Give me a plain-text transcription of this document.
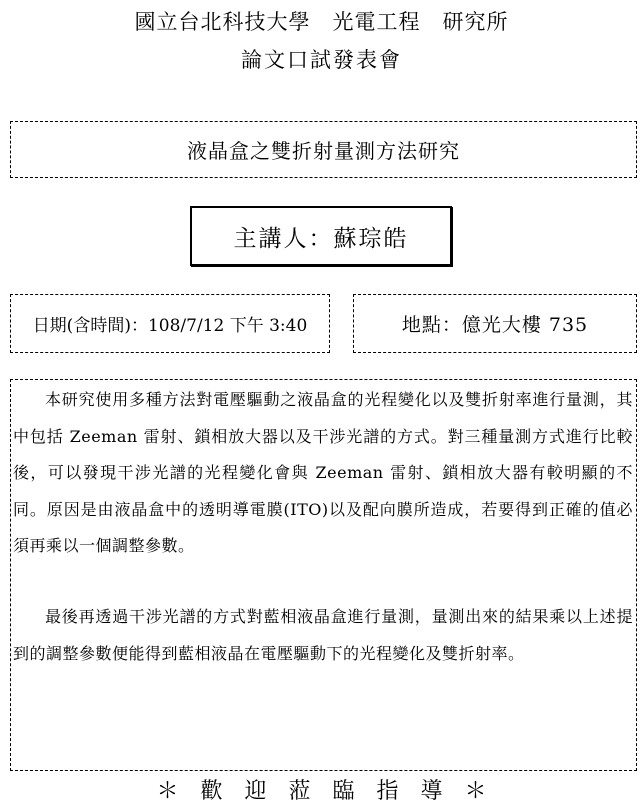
國立台北科技大學　光電工程　研究所
論文口試發表會
液晶盒之雙折射量測方法研究
主講人：蘇琮皓
日期(含時間)：108/7/12 下午 3:40	地點：億光大樓 735

本研究使用多種方法對電壓驅動之液晶盒的光程變化以及雙折射率進行量測，其中包括 Zeeman 雷射、鎖相放大器以及干涉光譜的方式。對三種量測方式進行比較後，可以發現干涉光譜的光程變化會與 Zeeman 雷射、鎖相放大器有較明顯的不同。原因是由液晶盒中的透明導電膜(ITO)以及配向膜所造成，若要得到正確的值必須再乘以一個調整參數。

最後再透過干涉光譜的方式對藍相液晶盒進行量測，量測出來的結果乘以上述提到的調整參數便能得到藍相液晶在電壓驅動下的光程變化及雙折射率。

＊　歡　迎　蒞　臨　指　導　＊
